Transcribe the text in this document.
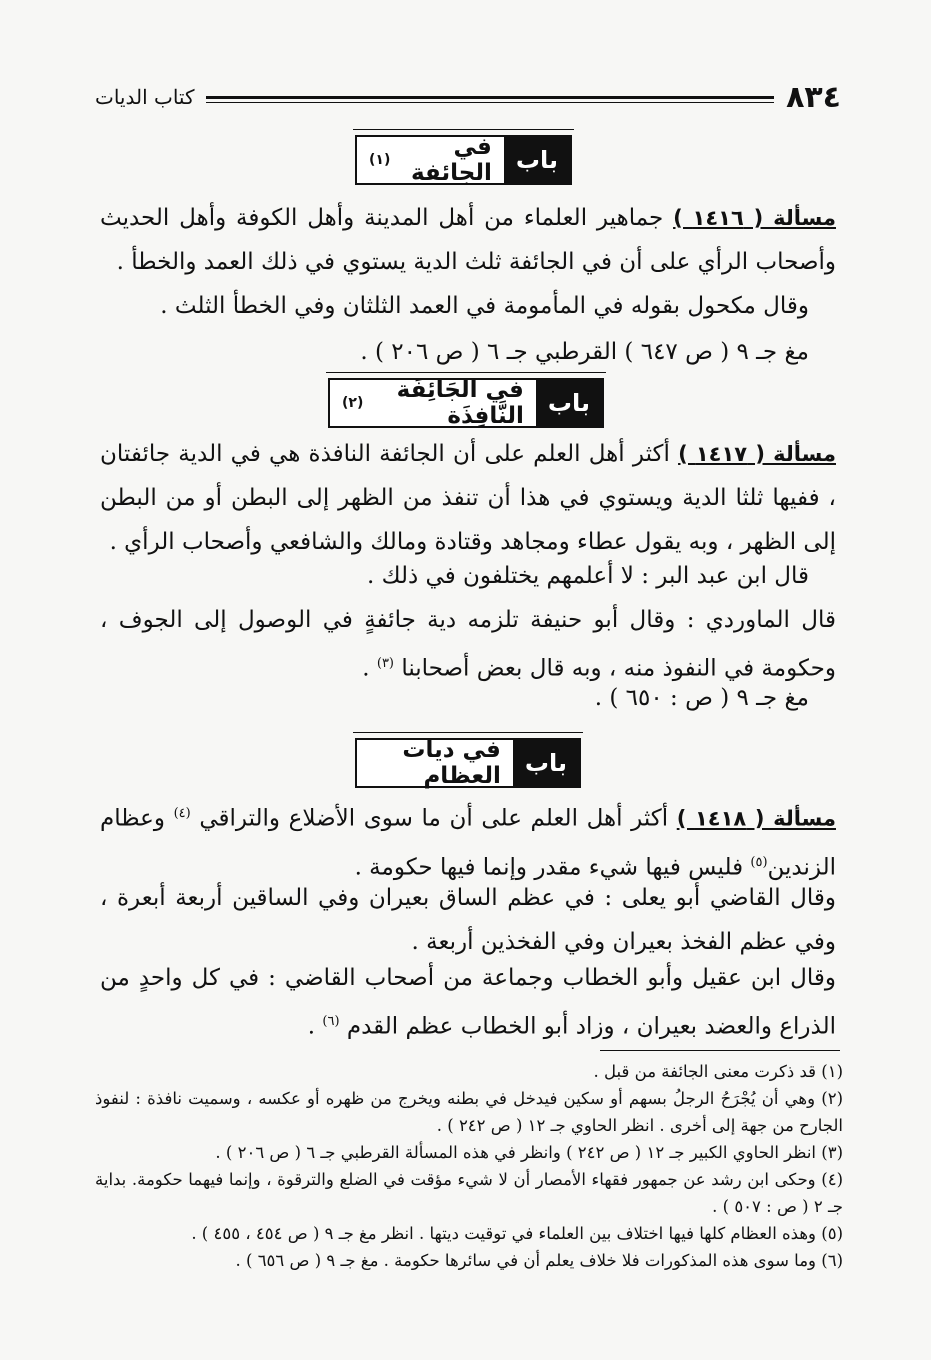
٨٣٤
كتاب الديات
باب
في الجائفة
(١)
مسألة ( ١٤١٦ ) جماهير العلماء من أهل المدينة وأهل الكوفة وأهل الحديث وأصحاب الرأي على أن في الجائفة ثلث الدية يستوي في ذلك العمد والخطأ .
وقال مكحول بقوله في المأمومة في العمد الثلثان وفي الخطأ الثلث .
مغ جـ ٩ ( ص ٦٤٧ ) القرطبي جـ ٦ ( ص ٢٠٦ ) .
باب
في الجَائِفَة النَّافِذَة
(٢)
مسألة ( ١٤١٧ ) أكثر أهل العلم على أن الجائفة النافذة هي في الدية جائفتان ، ففيها ثلثا الدية ويستوي في هذا أن تنفذ من الظهر إلى البطن أو من البطن إلى الظهر ، وبه يقول عطاء ومجاهد وقتادة ومالك والشافعي وأصحاب الرأي .
قال ابن عبد البر : لا أعلمهم يختلفون في ذلك .
قال الماوردي : وقال أبو حنيفة تلزمه دية جائفةٍ في الوصول إلى الجوف ، وحكومة في النفوذ منه ، وبه قال بعض أصحابنا $^{(٣)}$ .
مغ جـ ٩ ( ص : ٦٥٠ ) .
باب
في ديات العظام
مسألة ( ١٤١٨ ) أكثر أهل العلم على أن ما سوى الأضلاع والتراقي $^{(٤)}$ وعظام الزندين$^{(٥)}$ فليس فيها شيء مقدر وإنما فيها حكومة .
وقال القاضي أبو يعلى : في عظم الساق بعيران وفي الساقين أربعة أبعرة ، وفي عظم الفخذ بعيران وفي الفخذين أربعة .
وقال ابن عقيل وأبو الخطاب وجماعة من أصحاب القاضي : في كل واحدٍ من الذراع والعضد بعيران ، وزاد أبو الخطاب عظم القدم $^{(٦)}$ .

(١) قد ذكرت معنى الجائفة من قبل .

(٢) وهي أن يُجْرَحُ الرجلُ بسهم أو سكين فيدخل في بطنه ويخرج من ظهره أو عكسه ، وسميت نافذة : لنفوذ الجارح من جهة إلى أخرى . انظر الحاوي جـ ١٢ ( ص ٢٤٢ ) .

(٣) انظر الحاوي الكبير جـ ١٢ ( ص ٢٤٢ ) وانظر في هذه المسألة القرطبي جـ ٦ ( ص ٢٠٦ ) .

(٤) وحكى ابن رشد عن جمهور فقهاء الأمصار أن لا شيء مؤقت في الضلع والترقوة ، وإنما فيهما حكومة. بداية جـ ٢ ( ص : ٥٠٧ ) .

(٥) وهذه العظام كلها فيها اختلاف بين العلماء في توقيت ديتها . انظر مغ جـ ٩ ( ص ٤٥٤ ، ٤٥٥ ) .

(٦) وما سوى هذه المذكورات فلا خلاف يعلم أن في سائرها حكومة . مغ جـ ٩ ( ص ٦٥٦ ) .
